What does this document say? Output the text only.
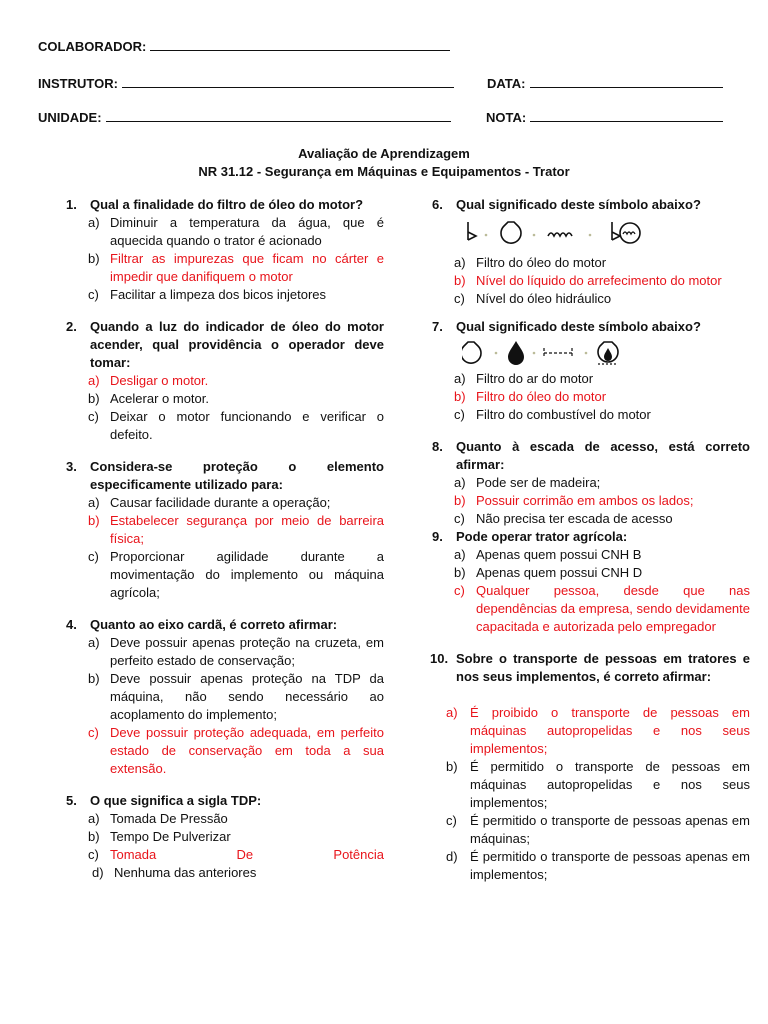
COLABORADOR:
INSTRUTOR:	DATA:
UNIDADE:	NOTA:
Avaliação de Aprendizagem
NR 31.12 - Segurança em Máquinas e Equipamentos - Trator
1.	Qual a finalidade do filtro de óleo do motor?
a) Diminuir a temperatura da água, que é aquecida quando o trator é acionado
b) Filtrar as impurezas que ficam no cárter e impedir que danifiquem o motor
c) Facilitar a limpeza dos bicos injetores
2.	Quando a luz do indicador de óleo do motor acender, qual providência o operador deve tomar:
a) Desligar o motor.
b) Acelerar o motor.
c) Deixar o motor funcionando e verificar o defeito.
3.	Considera-se proteção o elemento especificamente utilizado para:
a) Causar facilidade durante a operação;
b) Estabelecer segurança por meio de barreira física;
c) Proporcionar agilidade durante a movimentação do implemento ou máquina agrícola;
4.	Quanto ao eixo cardã, é correto afirmar:
a) Deve possuir apenas proteção na cruzeta, em perfeito estado de conservação;
b) Deve possuir apenas proteção na TDP da máquina, não sendo necessário ao acoplamento do implemento;
c) Deve possuir proteção adequada, em perfeito estado de conservação em toda a sua extensão.
5.	O que significa a sigla TDP:
a) Tomada De Pressão
b) Tempo De Pulverizar
c) Tomada De Potência
d) Nenhuma das anteriores
6.	Qual significado deste símbolo abaixo?
a) Filtro do óleo do motor
b) Nível do líquido do arrefecimento do motor
c) Nível do óleo hidráulico
7.	Qual significado deste símbolo abaixo?
a) Filtro do ar do motor
b) Filtro do óleo do motor
c) Filtro do combustível do motor
8.	Quanto à escada de acesso, está correto afirmar:
a) Pode ser de madeira;
b) Possuir corrimão em ambos os lados;
c) Não precisa ter escada de acesso
9.	Pode operar trator agrícola:
a) Apenas quem possui CNH B
b) Apenas quem possui CNH D
c) Qualquer pessoa, desde que nas dependências da empresa, sendo devidamente capacitada e autorizada pelo empregador
10. Sobre o transporte de pessoas em tratores e nos seus implementos, é correto afirmar:
a) É proibido o transporte de pessoas em máquinas autopropelidas e nos seus implementos;
b) É permitido o transporte de pessoas em máquinas autopropelidas e nos seus implementos;
c)	É permitido o transporte de pessoas apenas em máquinas;
d) É permitido o transporte de pessoas apenas em implementos;
